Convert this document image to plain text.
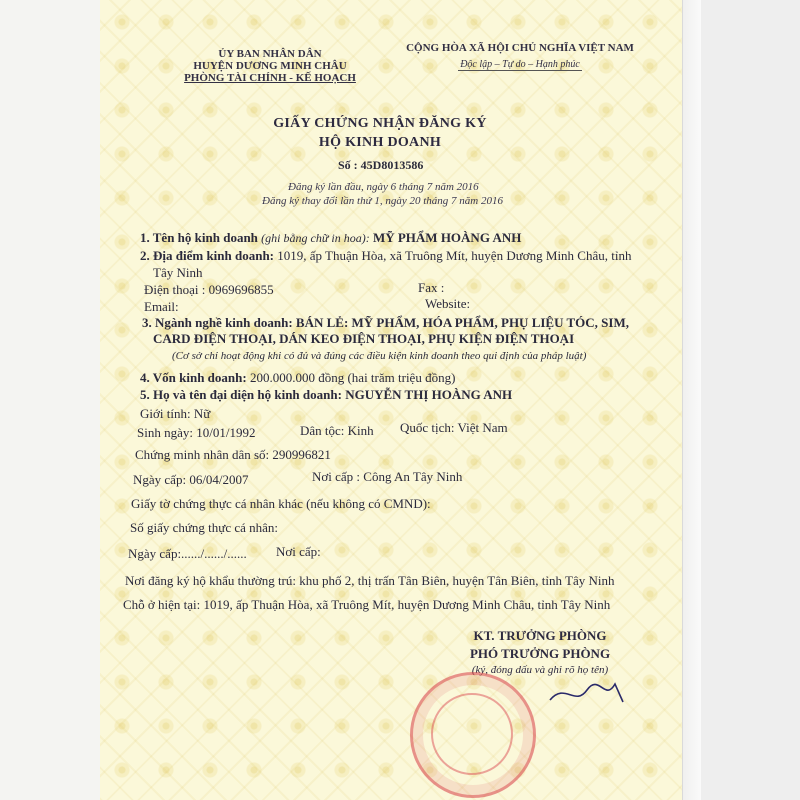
ỦY BAN NHÂN DÂN
HUYỆN DƯƠNG MINH CHÂU
PHÒNG TÀI CHÍNH - KẾ HOẠCH
CỘNG HÒA XÃ HỘI CHỦ NGHĨA VIỆT NAM
Độc lập – Tự do – Hạnh phúc
GIẤY CHỨNG NHẬN ĐĂNG KÝ
HỘ KINH DOANH
Số : 45D8013586
Đăng ký lần đầu, ngày 6 tháng 7 năm 2016
Đăng ký thay đổi lần thứ 1, ngày 20 tháng 7 năm 2016
1. Tên hộ kinh doanh (ghi bằng chữ in hoa): MỸ PHẨM HOÀNG ANH
2. Địa điểm kinh doanh: 1019, ấp Thuận Hòa, xã Truông Mít, huyện Dương Minh Châu, tỉnh
Tây Ninh
Điện thoại : 0969696855	Fax :
Email:	Website:
3. Ngành nghề kinh doanh: BÁN LẺ: MỸ PHẨM, HÓA PHẨM, PHỤ LIỆU TÓC, SIM,
CARD ĐIỆN THOẠI, DÁN KEO ĐIỆN THOẠI, PHỤ KIỆN ĐIỆN THOẠI
(Cơ sở chỉ hoạt động khi có đủ và đúng các điều kiện kinh doanh theo qui định của pháp luật)
4. Vốn kinh doanh: 200.000.000 đồng (hai trăm triệu đồng)
5. Họ và tên đại diện hộ kinh doanh: NGUYỄN THỊ HOÀNG ANH
Giới tính: Nữ
Sinh ngày: 10/01/1992	Dân tộc: Kinh Quốc tịch: Việt Nam
Chứng minh nhân dân số: 290996821
Ngày cấp: 06/04/2007	Nơi cấp : Công An Tây Ninh
Giấy tờ chứng thực cá nhân khác (nếu không có CMND):
Số giấy chứng thực cá nhân:
Ngày cấp:....../....../...... Nơi cấp:
Nơi đăng ký hộ khẩu thường trú: khu phố 2, thị trấn Tân Biên, huyện Tân Biên, tỉnh Tây Ninh
Chỗ ở hiện tại: 1019, ấp Thuận Hòa, xã Truông Mít, huyện Dương Minh Châu, tỉnh Tây Ninh
KT. TRƯỞNG PHÒNG
PHÓ TRƯỞNG PHÒNG
(ký, đóng dấu và ghi rõ họ tên)
